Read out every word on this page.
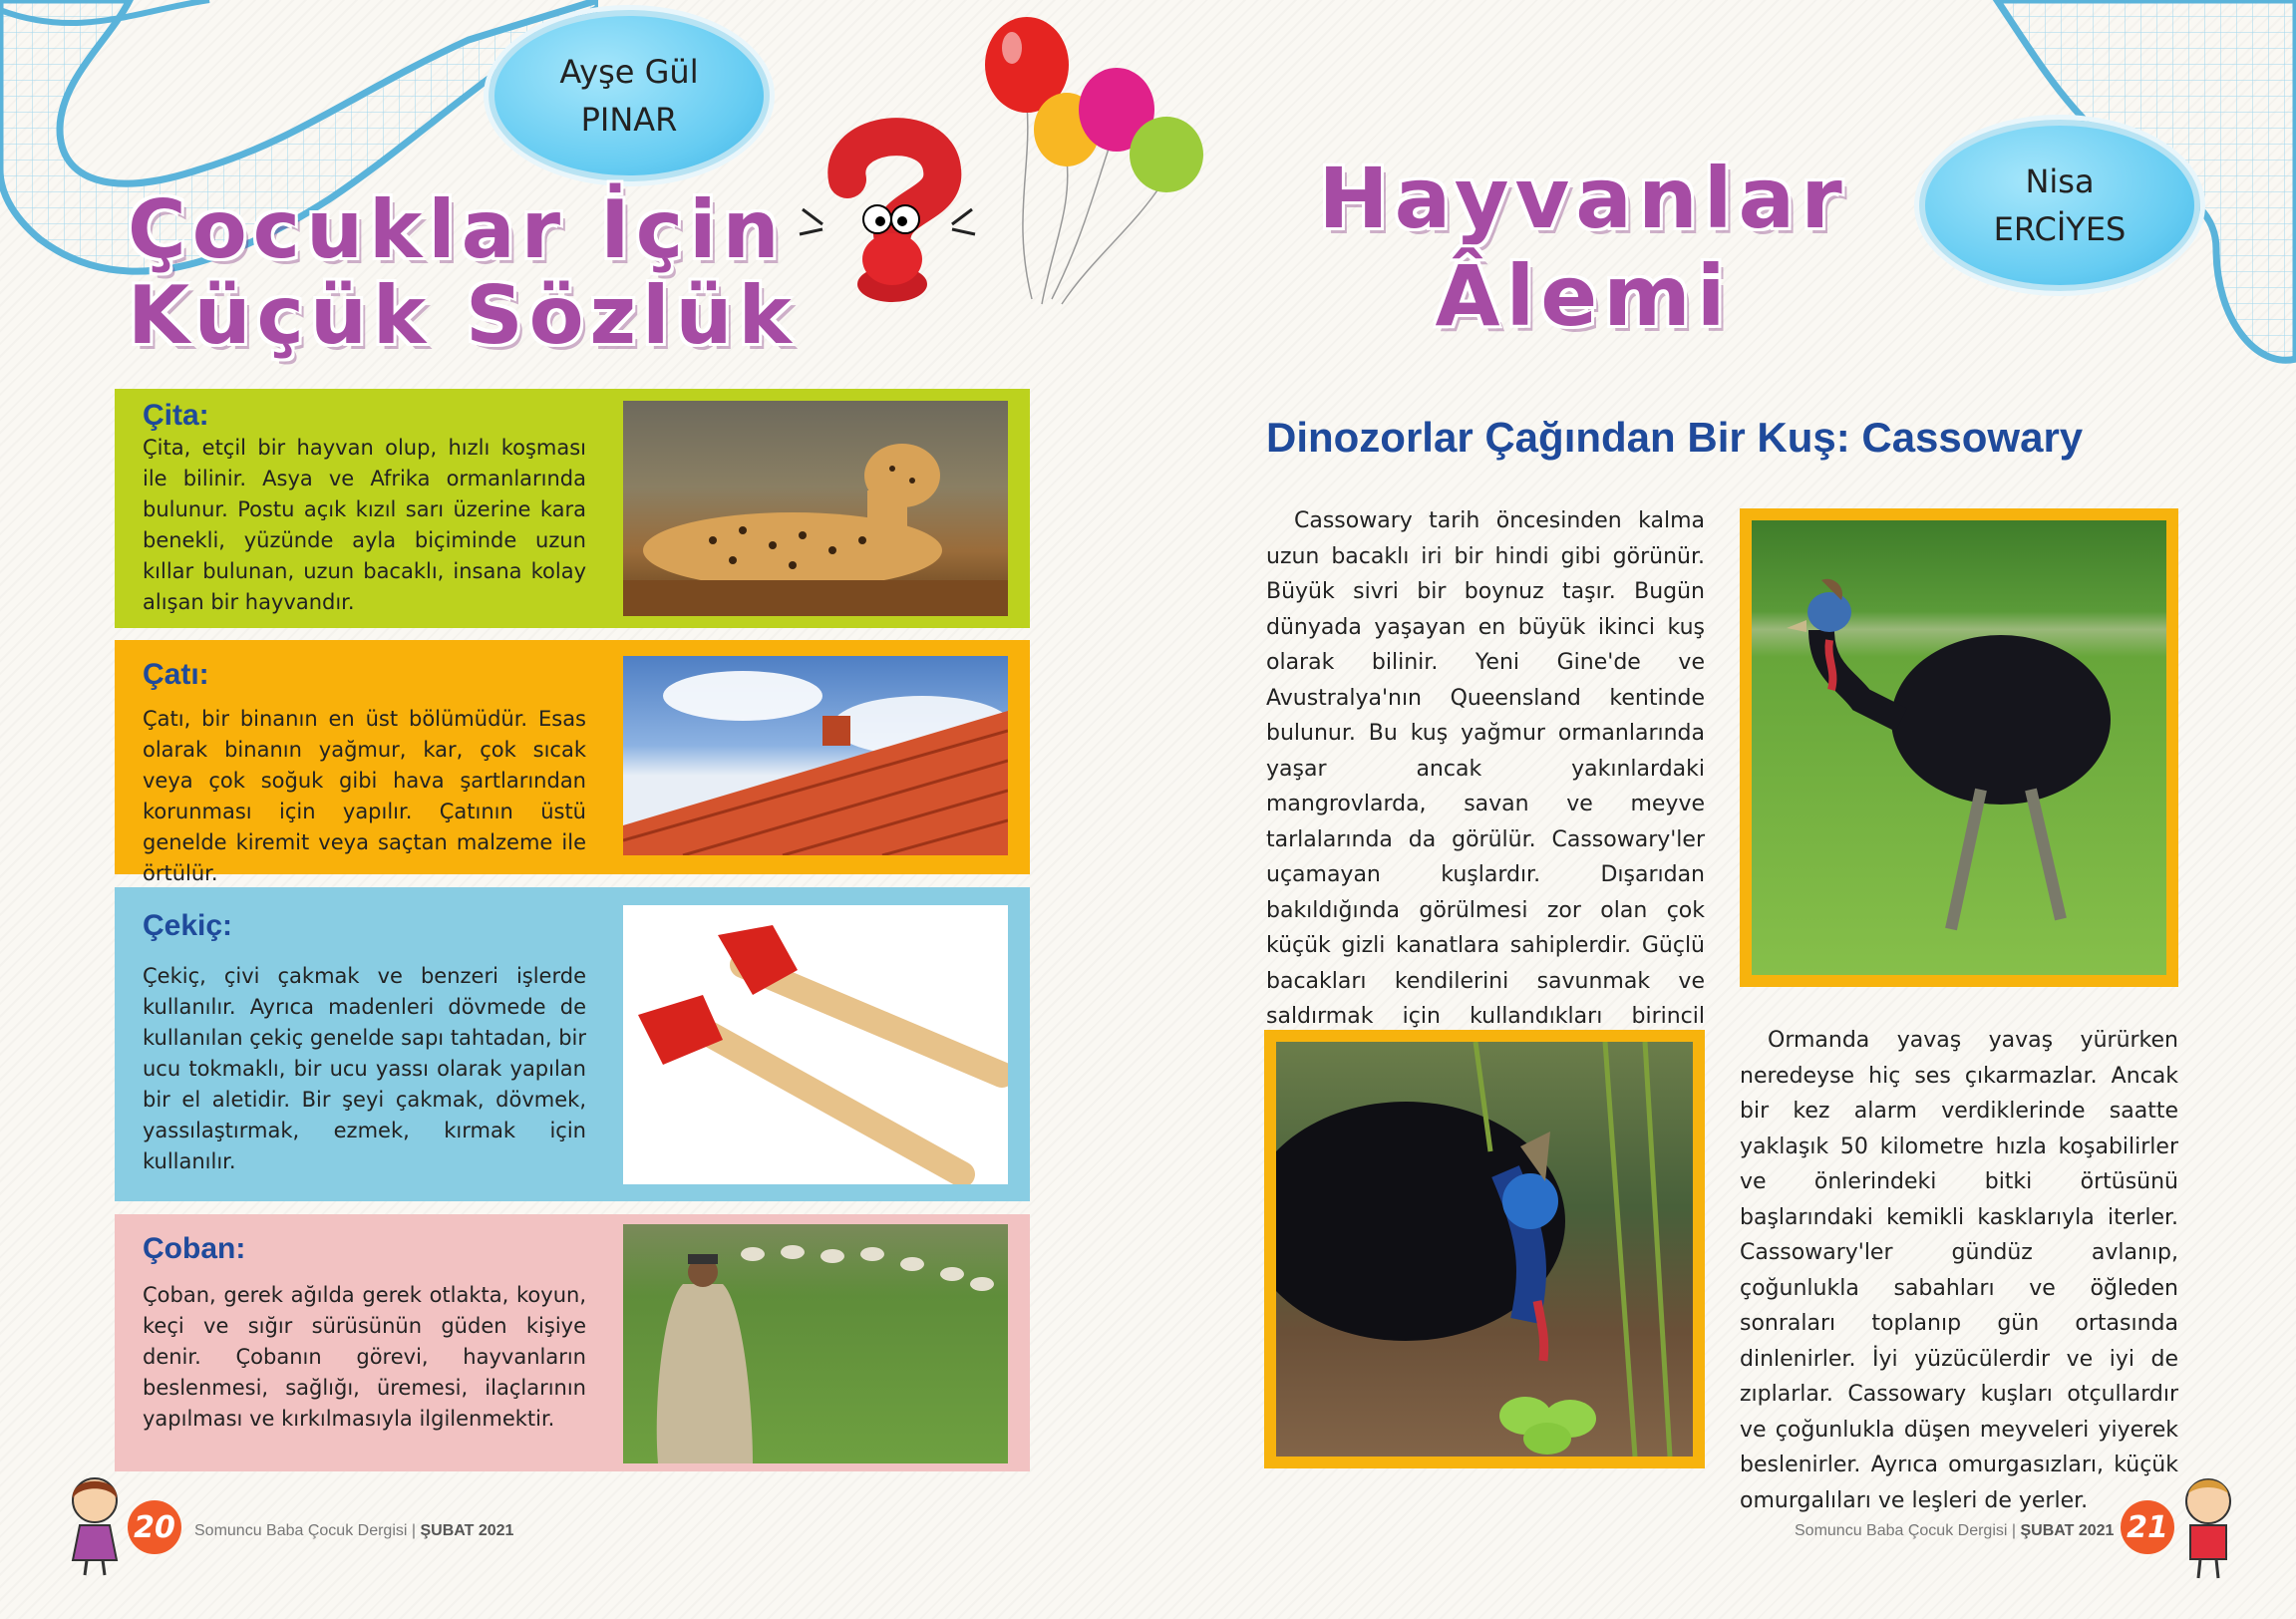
Ayşe Gül
PINAR
Nisa
ERCİYES
Çocuklar İçin
Küçük Sözlük
Hayvanlar
Âlemi
Çita:
Çita, etçil bir hayvan olup, hızlı koşması ile bilinir. Asya ve Afrika ormanlarında bulunur. Postu açık kızıl sarı üzerine kara benekli, yüzünde ayla biçiminde uzun kıllar bulunan, uzun bacaklı, insana kolay alışan bir hayvandır.
Çatı:
Çatı, bir binanın en üst bölümüdür. Esas olarak binanın yağmur, kar, çok sıcak veya çok soğuk gibi hava şartlarından korunması için yapılır. Çatının üstü genelde kiremit veya saçtan malzeme ile örtülür.
Çekiç:
Çekiç, çivi çakmak ve benzeri işlerde kullanılır. Ayrıca madenleri dövmede de kullanılan çekiç genelde sapı tahtadan, bir ucu tokmaklı, bir ucu yassı olarak yapılan bir el aletidir. Bir şeyi çakmak, dövmek, yassılaştırmak, ezmek, kırmak için kullanılır.
Çoban:
Çoban, gerek ağılda gerek otlakta, koyun, keçi ve sığır sürüsünün güden kişiye denir. Çobanın görevi, hayvanların beslenmesi, sağlığı, üremesi, ilaçlarının yapılması ve kırkılmasıyla ilgilenmektir.
Dinozorlar Çağından Bir Kuş: Cassowary
Cassowary tarih öncesinden kalma uzun bacaklı iri bir hindi gibi görünür. Büyük sivri bir boynuz taşır. Bugün dünyada yaşayan en büyük ikinci kuş olarak bilinir. Yeni Gine'de ve Avustralya'nın Queensland kentinde bulunur. Bu kuş yağmur ormanlarında yaşar ancak yakınlardaki mangrovlarda, savan ve meyve tarlalarında da görülür. Cassowary'ler uçamayan kuşlardır. Dışarıdan bakıldığında görülmesi zor olan çok küçük gizli kanatlara sahiplerdir. Güçlü bacakları kendilerini savunmak ve saldırmak için kullandıkları birincil
Ormanda yavaş yavaş yürürken neredeyse hiç ses çıkarmazlar. Ancak bir kez alarm verdiklerinde saatte yaklaşık 50 kilometre hızla koşabilirler ve önlerindeki bitki örtüsünü başlarındaki kemikli kasklarıyla iterler. Cassowary'ler gündüz avlanıp, çoğunlukla sabahları ve öğleden sonraları toplanıp gün ortasında dinlenirler. İyi yüzücülerdir ve iyi de zıplarlar. Cassowary kuşları otçullardır ve çoğunlukla düşen meyveleri yiyerek beslenirler. Ayrıca omurgasızları, küçük omurgalıları ve leşleri de yerler.
20	Somuncu Baba Çocuk Dergisi | ŞUBAT 2021	Somuncu Baba Çocuk Dergisi | ŞUBAT 2021 21
